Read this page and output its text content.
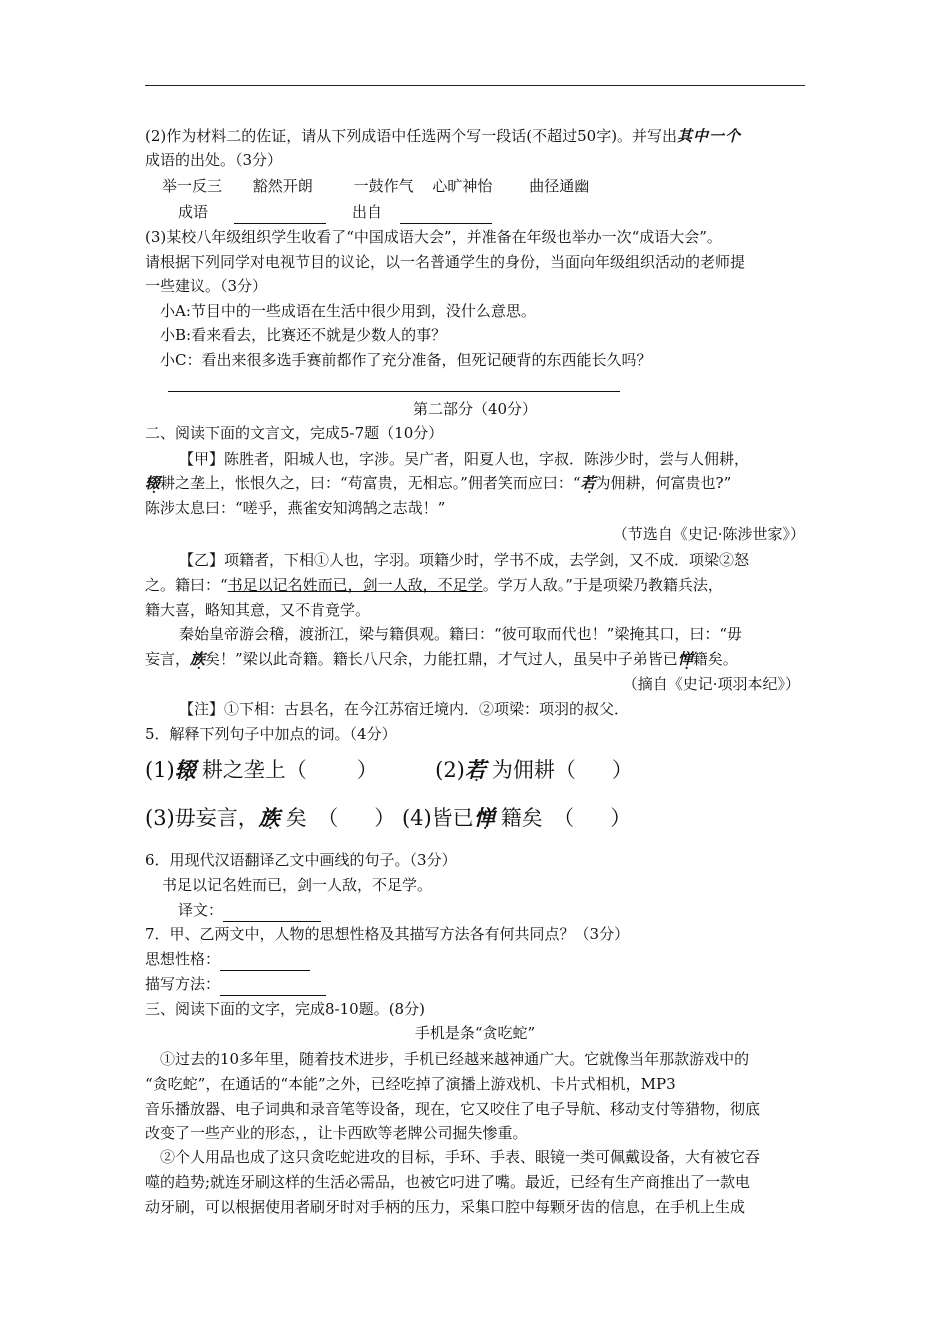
(2)作为材料二的佐证，请从下列成语中任选两个写一段话(不超过50字)。并写出其中一个
成语的出处。（3分）
举一反三 豁然开朗	一鼓作气 心旷神怡 曲径通幽
成语	出自
(3)某校八年级组织学生收看了“中国成语大会”，并准备在年级也举办一次“成语大会”。
请根据下列同学对电视节目的议论，以一名普通学生的身份，当面向年级组织活动的老师提
一些建议。（3分）
小A:节目中的一些成语在生活中很少用到，没什么意思。
小B:看来看去，比赛还不就是少数人的事？
小C：看出来很多选手赛前都作了充分准备，但死记硬背的东西能长久吗？
第二部分（40分）
二、阅读下面的文言文，完成5-7题（10分）
【甲】陈胜者，阳城人也，字涉。吴广者，阳夏人也，字叔．陈涉少时，尝与人佣耕，
辍耕之垄上，怅恨久之，曰：“苟富贵，无相忘。”佣者笑而应曰：“若为佣耕，何富贵也?”
陈涉太息曰：“嗟乎，燕雀安知鸿鹄之志哉！”
（节选自《史记·陈涉世家》）
【乙】项籍者，下相①人也，字羽。项籍少时，学书不成，去学剑，又不成．项梁②怒
之。籍曰：“书足以记名姓而已，剑一人敌，不足学。学万人敌。”于是项梁乃教籍兵法，
籍大喜，略知其意，又不肯竟学。
秦始皇帝游会稽，渡浙江，梁与籍俱观。籍曰：“彼可取而代也！”梁掩其口，曰：“毋
妄言，族矣！”梁以此奇籍。籍长八尺余，力能扛鼎，才气过人，虽吴中子弟皆已惮籍矣。
（摘自《史记·项羽本纪》）
【注】①下相：古县名，在今江苏宿迁境内．②项梁：项羽的叔父．
5．解释下列句子中加点的词。（4分）
(1)辍 耕之垄上（ ）	(2)若 为佣耕（ ）
(3)毋妄言，族 矣　（ ） (4)皆已惮 籍矣　（ ）
6．用现代汉语翻译乙文中画线的句子。（3分）
书足以记名姓而已，剑一人敌，不足学。
译文：
7．甲、乙两文中，人物的思想性格及其描写方法各有何共同点？（3分）
思想性格：
描写方法：
三、阅读下面的文字，完成8-10题。(8分)
手机是条“贪吃蛇”
①过去的10多年里，随着技术进步，手机已经越来越神通广大。它就像当年那款游戏中的
“贪吃蛇”，在通话的“本能”之外，已经吃掉了演播上游戏机、卡片式相机，MP3
音乐播放器、电子词典和录音笔等设备，现在，它又咬住了电子导航、移动支付等猎物，彻底
改变了一些产业的形态，，让卡西欧等老牌公司掘失惨重。
②个人用品也成了这只贪吃蛇进攻的目标，手环、手表、眼镜一类可佩戴设备，大有被它吞
噬的趋势;就连牙刷这样的生活必需品，也被它叼进了嘴。最近，已经有生产商推出了一款电
动牙刷，可以根据使用者刷牙时对手柄的压力，采集口腔中每颗牙齿的信息，在手机上生成
